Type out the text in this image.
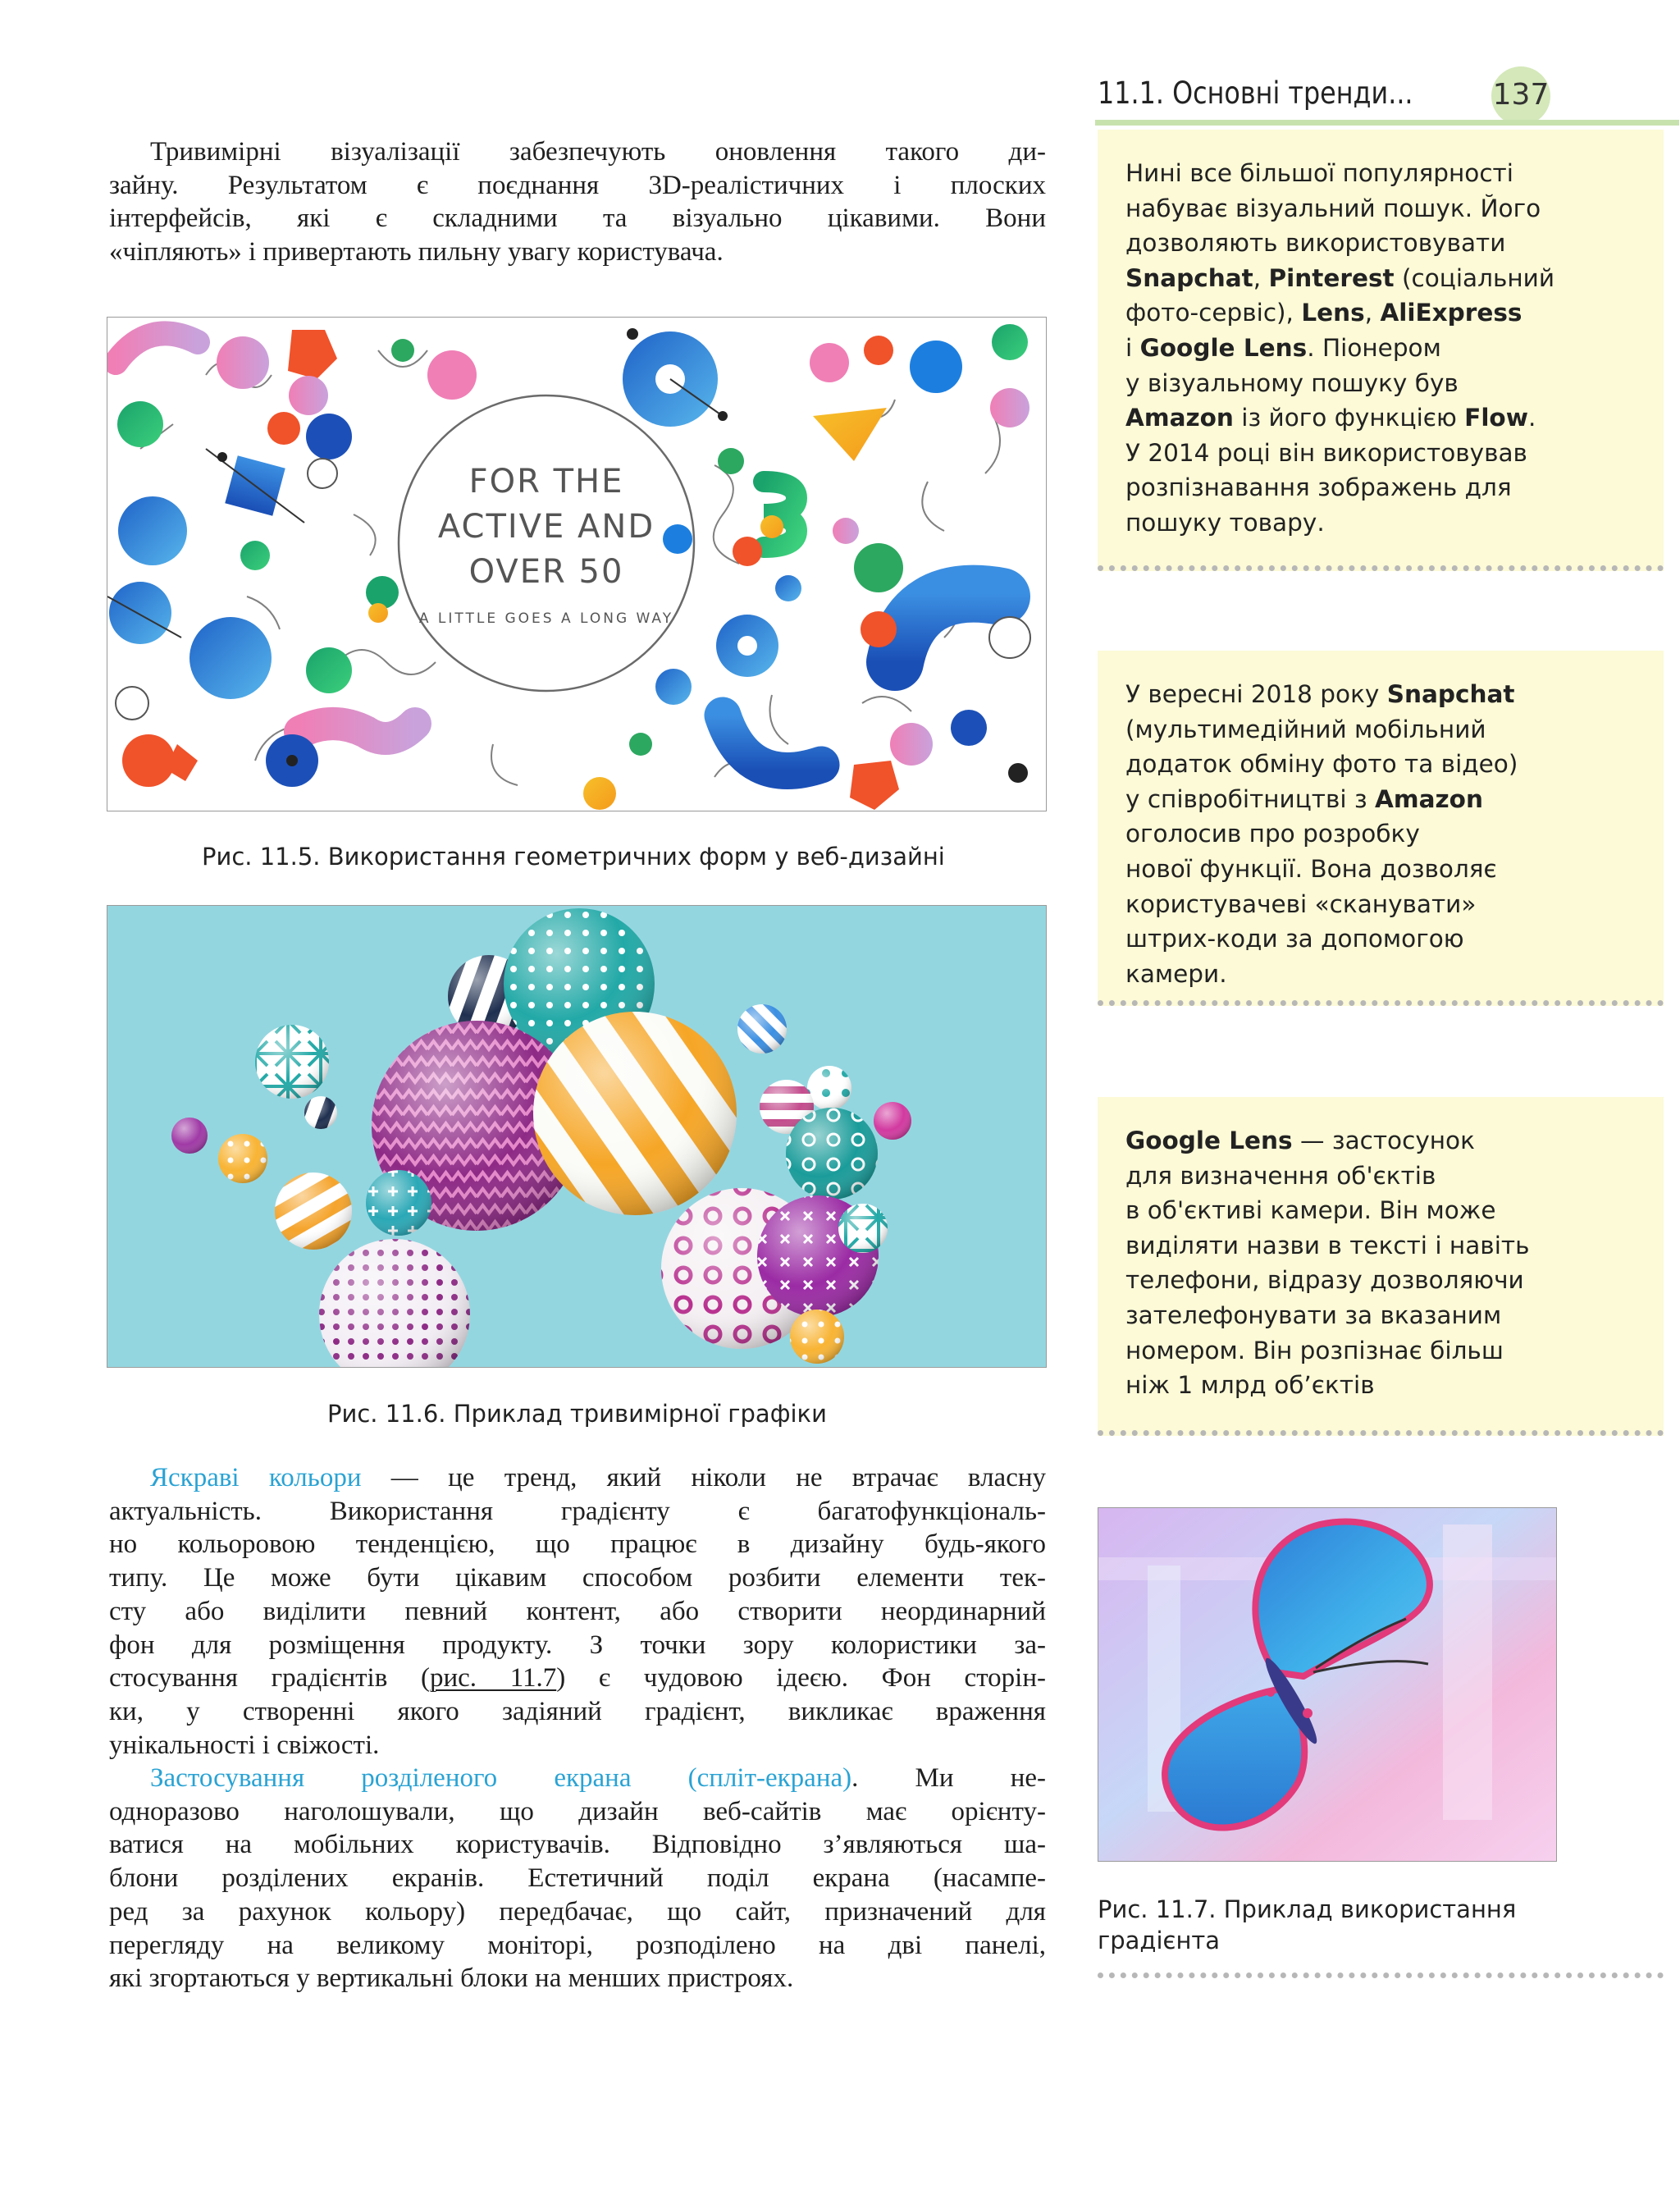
11.1. Основні тренди...	137

Тривимірні візуалізації забезпечують оновлення такого ди-

зайну. Результатом є поєднання 3D-реалістичних і плоских

інтерфейсів, які є складними та візуально цікавими. Вони

«чіпляють» і привертають пильну увагу користувача.

FOR THE
ACTIVE AND
OVER 50
A LITTLE GOES A LONG WAY
Рис. 11.5. Використання геометричних форм у веб-дизайні
Рис. 11.6. Приклад тривимірної графіки

Яскраві кольори — це тренд, який ніколи не втрачає власну

актуальність. Використання градієнту є багатофункціональ-

но кольоровою тенденцією, що працює в дизайну будь-якого

типу. Це може бути цікавим способом розбити елементи тек-

сту або виділити певний контент, або створити неординарний

фон для розміщення продукту. З точки зору колористики за-

стосування градієнтів (рис. 11.7) є чудовою ідеєю. Фон сторін-

ки, у створенні якого задіяний градієнт, викликає враження

унікальності і свіжості.

Застосування розділеного екрана (спліт-екрана). Ми не-

одноразово наголошували, що дизайн веб-сайтів має орієнту-

ватися на мобільних користувачів. Відповідно з’являються ша-

блони розділених екранів. Естетичний поділ екрана (насампе-

ред за рахунок кольору) передбачає, що сайт, призначений для

перегляду на великому моніторі, розподілено на дві панелі,

які згортаються у вертикальні блоки на менших пристроях.

Нині все більшої популярності

набуває візуальний пошук. Його

дозволяють використовувати

Snapchat, Pinterest (соціальний

фото-сервіс), Lens, AliExpress

і Google Lens. Піонером

у візуальному пошуку був

Amazon із його функцією Flow.

У 2014 році він використовував

розпізнавання зображень для

пошуку товару.

У вересні 2018 року Snapchat

(мультимедійний мобільний

додаток обміну фото та відео)

у співробітництві з Amazon

оголосив про розробку

нової функції. Вона дозволяє

користувачеві «сканувати»

штрих-коди за допомогою

камери.

Google Lens — застосунок

для визначення об'єктів

в об'єктиві камери. Він може

виділяти назви в тексті і навіть

телефони, відразу дозволяючи

зателефонувати за вказаним

номером. Він розпізнає більш

ніж 1 млрд об’єктів

Рис. 11.7. Приклад використання
градієнта
